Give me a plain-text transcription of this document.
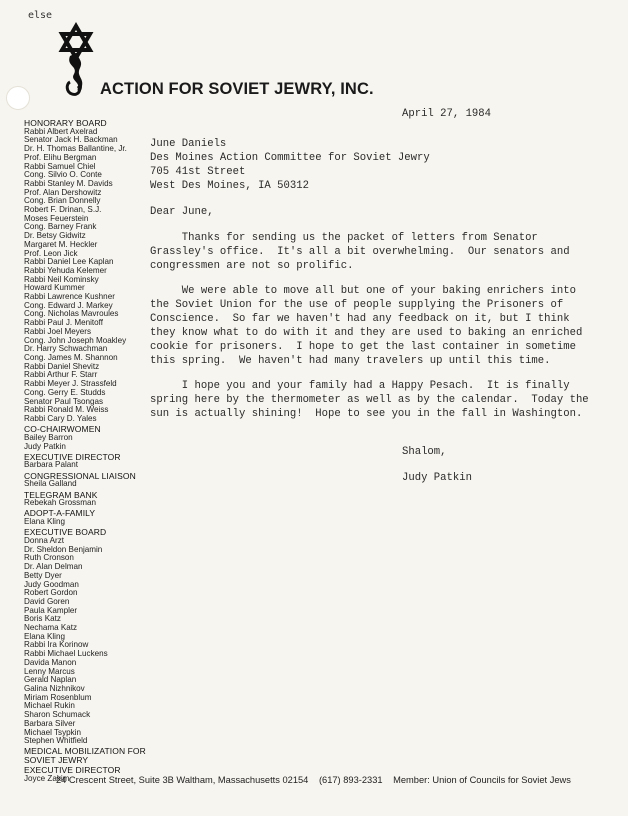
else
ACTION FOR SOVIET JEWRY, INC.
HONORARY BOARD
Rabbi Albert Axelrad
Senator Jack H. Backman
Dr. H. Thomas Ballantine, Jr.
Prof. Elihu Bergman
Rabbi Samuel Chiel
Cong. Silvio O. Conte
Rabbi Stanley M. Davids
Prof. Alan Dershowitz
Cong. Brian Donnelly
Robert F. Drinan, S.J.
Moses Feuerstein
Cong. Barney Frank
Dr. Betsy Gidwitz
Margaret M. Heckler
Prof. Leon Jick
Rabbi Daniel Lee Kaplan
Rabbi Yehuda Kelemer
Rabbi Neil Kominsky
Howard Kummer
Rabbi Lawrence Kushner
Cong. Edward J. Markey
Cong. Nicholas Mavroules
Rabbi Paul J. Menitoff
Rabbi Joel Meyers
Cong. John Joseph Moakley
Dr. Harry Schwachman
Cong. James M. Shannon
Rabbi Daniel Shevitz
Rabbi Arthur F. Starr
Rabbi Meyer J. Strassfeld
Cong. Gerry E. Studds
Senator Paul Tsongas
Rabbi Ronald M. Weiss
Rabbi Cary D. Yales
CO-CHAIRWOMEN
Bailey Barron
Judy Patkin
EXECUTIVE DIRECTOR
Barbara Palant
CONGRESSIONAL LIAISON
Sheila Galland
TELEGRAM BANK
Rebekah Grossman
ADOPT-A-FAMILY
Elana Kling
EXECUTIVE BOARD
Donna Arzt
Dr. Sheldon Benjamin
Ruth Cronson
Dr. Alan Delman
Betty Dyer
Judy Goodman
Robert Gordon
David Goren
Paula Kampler
Boris Katz
Nechama Katz
Elana Kling
Rabbi Ira Korinow
Rabbi Michael Luckens
Davida Manon
Lenny Marcus
Gerald Naplan
Galina Nizhnikov
Miriam Rosenblum
Michael Rukin
Sharon Schumack
Barbara Silver
Michael Tsypkin
Stephen Whitfield
MEDICAL MOBILIZATION FOR SOVIET JEWRY
EXECUTIVE DIRECTOR
Joyce Zakim
April 27, 1984
June Daniels
Des Moines Action Committee for Soviet Jewry
705 41st Street
West Des Moines, IA 50312
Dear June,
Thanks for sending us the packet of letters from Senator
Grassley's office.  It's all a bit overwhelming.  Our senators and
congressmen are not so prolific.
We were able to move all but one of your baking enrichers into
the Soviet Union for the use of people supplying the Prisoners of
Conscience.  So far we haven't had any feedback on it, but I think
they know what to do with it and they are used to baking an enriched
cookie for prisoners.  I hope to get the last container in sometime
this spring.  We haven't had many travelers up until this time.
I hope you and your family had a Happy Pesach.  It is finally
spring here by the thermometer as well as by the calendar.  Today the
sun is actually shining!  Hope to see you in the fall in Washington.
Shalom,
Judy Patkin
24 Crescent Street, Suite 3B Waltham, Massachusetts 02154 (617) 893-2331 Member: Union of Councils for Soviet Jews
